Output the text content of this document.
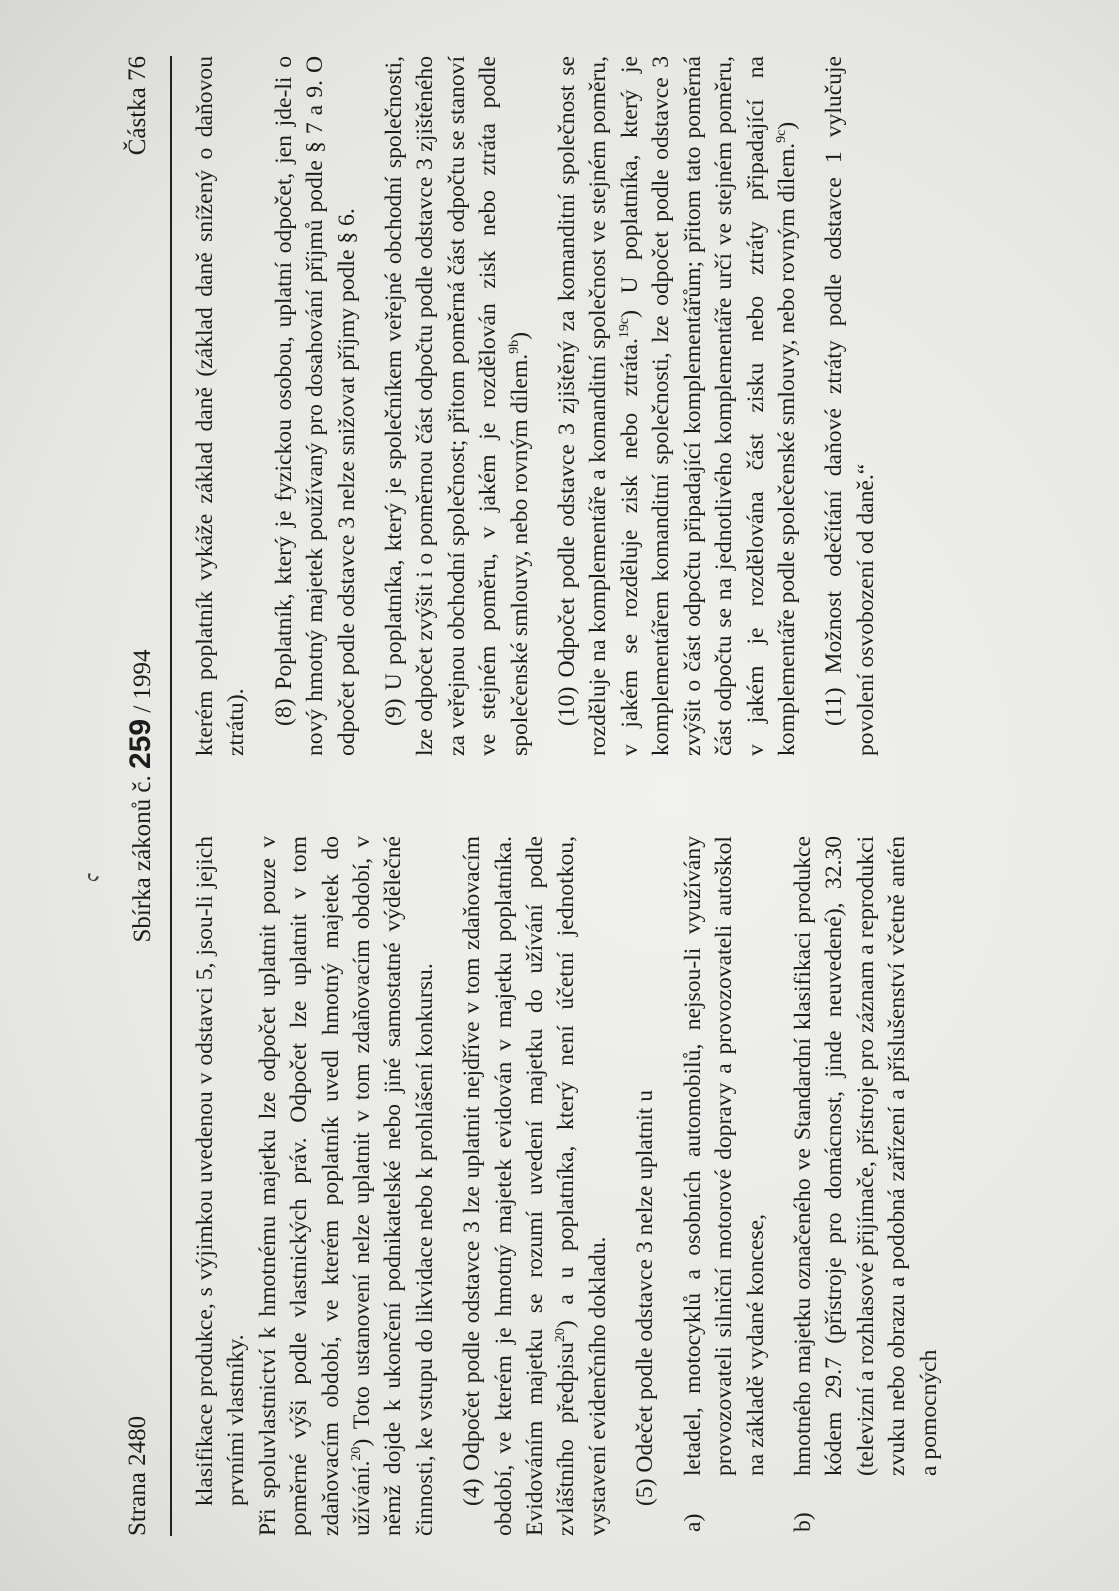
ᴗ
Strana 2480
Sbírka zákonů č. 259 / 1994
Částka 76

klasifikace produkce, s výjimkou uvedenou v odstavci 5, jsou-li jejich prvními vlastníky. Při spoluvlastnictví k hmotnému majetku lze odpočet uplatnit pouze v poměrné výši podle vlastnických práv. Odpočet lze uplatnit v tom zdaňovacím období, ve kterém poplatník uvedl hmotný majetek do užívání.$^{20}$) Toto ustanovení nelze uplatnit v tom zdaňovacím období, v němž dojde k ukončení podnikatelské nebo jiné samostatné výdělečné činnosti, ke vstupu do likvidace nebo k prohlášení konkursu. (4) Odpočet podle odstavce 3 lze uplatnit nejdříve v tom zdaňovacím období, ve kterém je hmotný majetek evidován v majetku poplatníka. Evidováním majetku se rozumí uvedení majetku do užívání podle zvláštního předpisu$^{20}$) a u poplatníka, který není účetní jednotkou, vystavení evidenčního dokladu. (5) Odečet podle odstavce 3 nelze uplatnit u

a)
letadel, motocyklů a osobních automobilů, nejsou-li využívány provozovateli silniční motorové dopravy a provozovateli autoškol na základě vydané koncese,

b)
hmotného majetku označeného ve Standardní klasifikaci produkce kódem 29.7 (přístroje pro domácnost, jinde neuvedené), 32.30 (televizní a rozhlasové přijímače, přístroje pro záznam a reprodukci zvuku nebo obrazu a podobná zařízení a příslušenství včetně antén a pomocných

kterém poplatník vykáže základ daně (základ daně snížený o daňovou ztrátu). (8) Poplatník, který je fyzickou osobou, uplatní odpočet, jen jde-li o nový hmotný majetek používaný pro dosahování příjmů podle § 7 a 9. O odpočet podle odstavce 3 nelze snižovat příjmy podle § 6. (9) U poplatníka, který je společníkem veřejné obchodní společnosti, lze odpočet zvýšit i o poměrnou část odpočtu podle odstavce 3 zjištěného za veřejnou obchodní společnost; přitom poměrná část odpočtu se stanoví ve stejném poměru, v jakém je rozdělován zisk nebo ztráta podle společenské smlouvy, nebo rovným dílem.$^{9b}$) (10) Odpočet podle odstavce 3 zjištěný za komanditní společnost se rozděluje na komplementáře a komanditní společnost ve stejném poměru, v jakém se rozděluje zisk nebo ztráta.$^{19c}$) U poplatníka, který je komplementářem komanditní společnosti, lze odpočet podle odstavce 3 zvýšit o část odpočtu připadající komplementářům; přitom tato poměrná část odpočtu se na jednotlivého komplementáře určí ve stejném poměru, v jakém je rozdělována část zisku nebo ztráty připadající na komplementáře podle společenské smlouvy, nebo rovným dílem.$^{9c}$) (11) Možnost odečítání daňové ztráty podle odstavce 1 vylučuje povolení osvobození od daně.“
